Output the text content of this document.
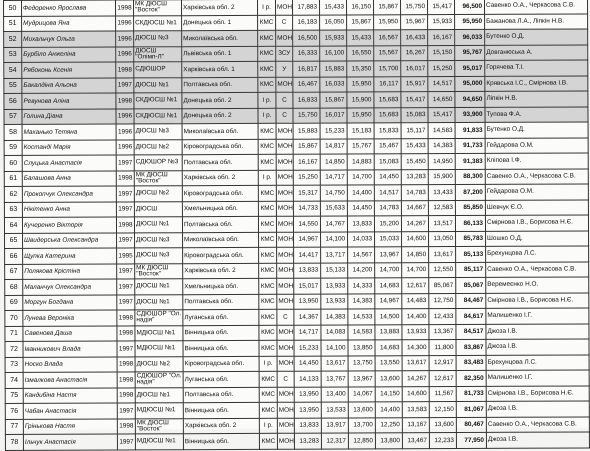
50	Федоренко Ярослава	1998	МК ДЮСШ "Восток"	Харківська обл. 2	I р.	МОН	17,883	15,433	16,150	15,867	15,750	15,417	96,500	Савенко О.А., Черкасова С.В.
51	Мудрицова Яна	1996	СКДЮСШ №1	Донецька обл. 1	КМС	С	16,183	16,050	15,867	15,950	15,967	15,933	95,950	Бажанова Л.А., Ліпкін Н.В.
52	Михальчук Ольга	1996	ДЮСШ №3	Миколаївська обл.	КМС	МОН	16,500	15,933	15,433	16,567	16,433	16,167	96,033	Бутенко О.Д.
53	Бурбіло Анжеліна	1996	ДЮСШ "Олімп-Л"	Львівська обл. 1	КМС	ЗСУ	16,333	16,100	16,550	15,567	16,267	15,150	95,767	Довганюська А.
54	Рябоконь Ксенія	1998	СДЮШОР	Харківська обл. 1	КМС	У	16,817	15,883	15,350	15,700	16,017	15,250	95,017	Горячева Т.І.
55	Бакалдіна Альона	1997	ДЮСШ №1	Полтавська обл.	КМС	МОН	16,467	16,033	15,950	16,117	15,917	14,517	95,000	Крявська І.С., Смірнова І.В.
56	Ревунова Аліна	1998	СКДЮСШ №1	Донецька обл. 2	I р.	С	16,833	15,867	15,900	15,683	15,417	14,650	94,650	Ліпкін Н.В.
57	Голина Діана	1996	СКДЮСШ №1	Донецька обл. 2	I р.	С	15,750	16,017	15,950	15,683	15,083	15,417	93,900	Тупова Ф.А.
58	Маханько Тетяна	1996	ДЮСШ №3	Миколаївська обл.	КМС	МОН	15,883	15,233	15,183	15,833	15,117	14,583	91,833	Бутенко О.Д.
59	Костанді Марія	1996	ДЮСШ №2	Кіровоградська обл.	КМС	МОН	15,867	14,817	15,767	15,467	15,433	14,383	91,733	Гейдарова О.М.
60	Слуцька Анастасія	1997	СДЮШОР №3	Полтавська обл.	КМС	МОН	16,167	14,850	14,883	15,083	15,450	14,950	91,383	Кліпова І.Ф.
61	Балашова Анна	1998	МК ДЮСШ "Восток"	Харківська обл. 2	I р.	МОН	15,250	14,717	14,700	14,450	13,283	15,900	88,300	Савенко О.А., Черкасова С.В.
62	Прокопчук Олександра	1997	ДЮСШ №2	Кіровоградська обл.	КМС	МОН	15,317	14,750	14,400	14,517	14,783	13,433	87,200	Гейдарова О.М.
63	Нікітенко Анна	1997	ДЮСШ	Хмельницька обл.	КМС	МОН	14,733	15,633	14,450	14,783	14,667	12,583	85,850	Шевчук Є.О.
64	Кучеренко Вікторія	1998	ДЮСШ №1	Полтавська обл.	КМС	МОН	14,550	14,767	13,833	15,200	14,267	13,517	86,133	Смірнова І.В., Борисова Н.Є.
65	Швидерська Олександра	1997	ДЮСШ №3	Миколаївська обл.	КМС	МОН	14,967	14,100	14,033	15,033	14,600	13,050	85,783	Шошко О.Д.
66	Щупка Катерина	1995	ДЮСШ №3	Кіровоградська обл.	КМС	МОН	14,417	13,717	14,567	13,967	14,850	13,617	85,133	Брехунцова Л.С.
67	Полякова Крістіна	1997	МК ДЮСШ "Восток"	Харківська обл. 2	КМС	МОН	13,833	15,133	14,200	14,700	14,700	12,550	85,117	Савенко О.А., Черкасова С.В.
68	Маланчук Олександра	1997	ДЮСШ №1	Хмельницька обл.	КМС	МОН	15,017	13,933	14,333	14,683	12,617	85,067	85,067	Веремеєнко Н.О.
69	Моргун Богдана	1997	ДЮСШ №1	Полтавська обл.	КМС	МОН	13,950	13,933	14,383	14,967	14,483	12,750	84,467	Смірнова І.В., Борисова Н.Є.
70	Лунева Вероніка	1998	СДЮШОР "Ол. надія"	Луганська обл.	КМС	С	14,367	14,383	14,533	14,500	14,400	12,433	84,617	Малишенко І.Г.
71	Савенова Даша	1998	МДЮСШ №1	Вінницька обл.	КМС	МОН	14,717	14,083	14,583	13,883	13,933	13,367	84,517	Джоза І.В.
72	Іванникович Влада	1997	МДЮСШ №1	Вінницька обл.	КМС	МОН	15,233	14,100	13,850	14,683	14,300	11,800	83,867	Джоза І.В.
73	Носко Влада	1998	ДЮСШ №2	Кіровоградська обл.	I р.	МОН	14,450	13,617	13,750	13,550	13,617	12,917	83,483	Брехунцова Л.С.
74	Ізмалкова Анастасія	1998	СДЮШОР "Ол. надія"	Луганська обл.	КМС	С	14,133	13,767	13,967	13,600	14,267	12,617	82,350	Малишенко І.Г.
75	Кандибіна Настя	1998	ДЮСШ №1	Полтавська обл.	КМС	МОН	13,950	13,400	14,067	14,150	14,600	11,567	81,733	Смірнова І.В., Борисова Н.Є.
76	Чабан Анастасія	1997	МДЮСШ №1	Вінницька обл.	КМС	МОН	13,950	13,533	13,600	14,400	13,583	12,150	81,067	Джоза І.В.
77	Грінькова Настя	1998	МК ДЮСШ "Восток"	Харківська обл. 2	I р.	МОН	13,833	13,917	13,700	12,250	13,167	13,600	80,467	Савенко О.А., Черкасова С.В.
78	Ільчук Анастасія	1997	МДЮСШ №1	Вінницька обл.	КМС	МОН	13,283	12,317	12,850	13,800	13,467	12,233	77,950	Джоза І.В.
